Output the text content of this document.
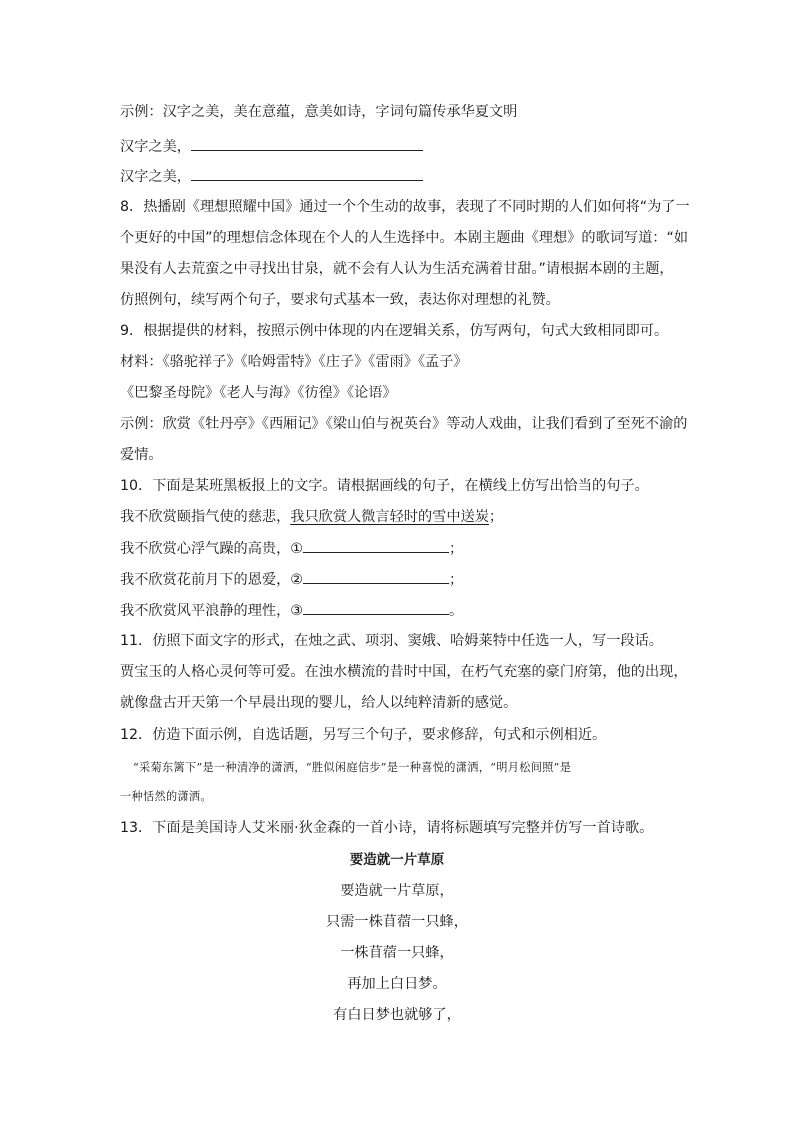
示例：汉字之美，美在意蕴，意美如诗，字词句篇传承华夏文明
汉字之美，
汉字之美，
8．热播剧《理想照耀中国》通过一个个生动的故事，表现了不同时期的人们如何将“为了一
个更好的中国”的理想信念体现在个人的人生选择中。本剧主题曲《理想》的歌词写道：“如
果没有人去荒蛮之中寻找出甘泉，就不会有人认为生活充满着甘甜。”请根据本剧的主题，
仿照例句，续写两个句子，要求句式基本一致，表达你对理想的礼赞。
9．根据提供的材料，按照示例中体现的内在逻辑关系，仿写两句，句式大致相同即可。
材料：《骆驼祥子》《哈姆雷特》《庄子》《雷雨》《孟子》
《巴黎圣母院》《老人与海》《彷徨》《论语》
示例：欣赏《牡丹亭》《西厢记》《梁山伯与祝英台》等动人戏曲，让我们看到了至死不渝的
爱情。
10．下面是某班黑板报上的文字。请根据画线的句子，在横线上仿写出恰当的句子。
我不欣赏颐指气使的慈悲，我只欣赏人微言轻时的雪中送炭；
我不欣赏心浮气躁的高贵，①	；
我不欣赏花前月下的恩爱，②	；
我不欣赏风平浪静的理性，③	。
11．仿照下面文字的形式，在烛之武、项羽、窦娥、哈姆莱特中任选一人，写一段话。
贾宝玉的人格心灵何等可爱。在浊水横流的昔时中国，在朽气充塞的豪门府第，他的出现，
就像盘古开天第一个早晨出现的婴儿，给人以纯粹清新的感觉。
12．仿造下面示例，自选话题，另写三个句子，要求修辞，句式和示例相近。
“采菊东篱下”是一种清净的潇洒，“胜似闲庭信步”是一种喜悦的潇洒，“明月松间照”是
一种恬然的潇洒。
13．下面是美国诗人艾米丽·狄金森的一首小诗，请将标题填写完整并仿写一首诗歌。
要造就一片草原
要造就一片草原，
只需一株苜蓿一只蜂，
一株苜蓿一只蜂，
再加上白日梦。
有白日梦也就够了，
